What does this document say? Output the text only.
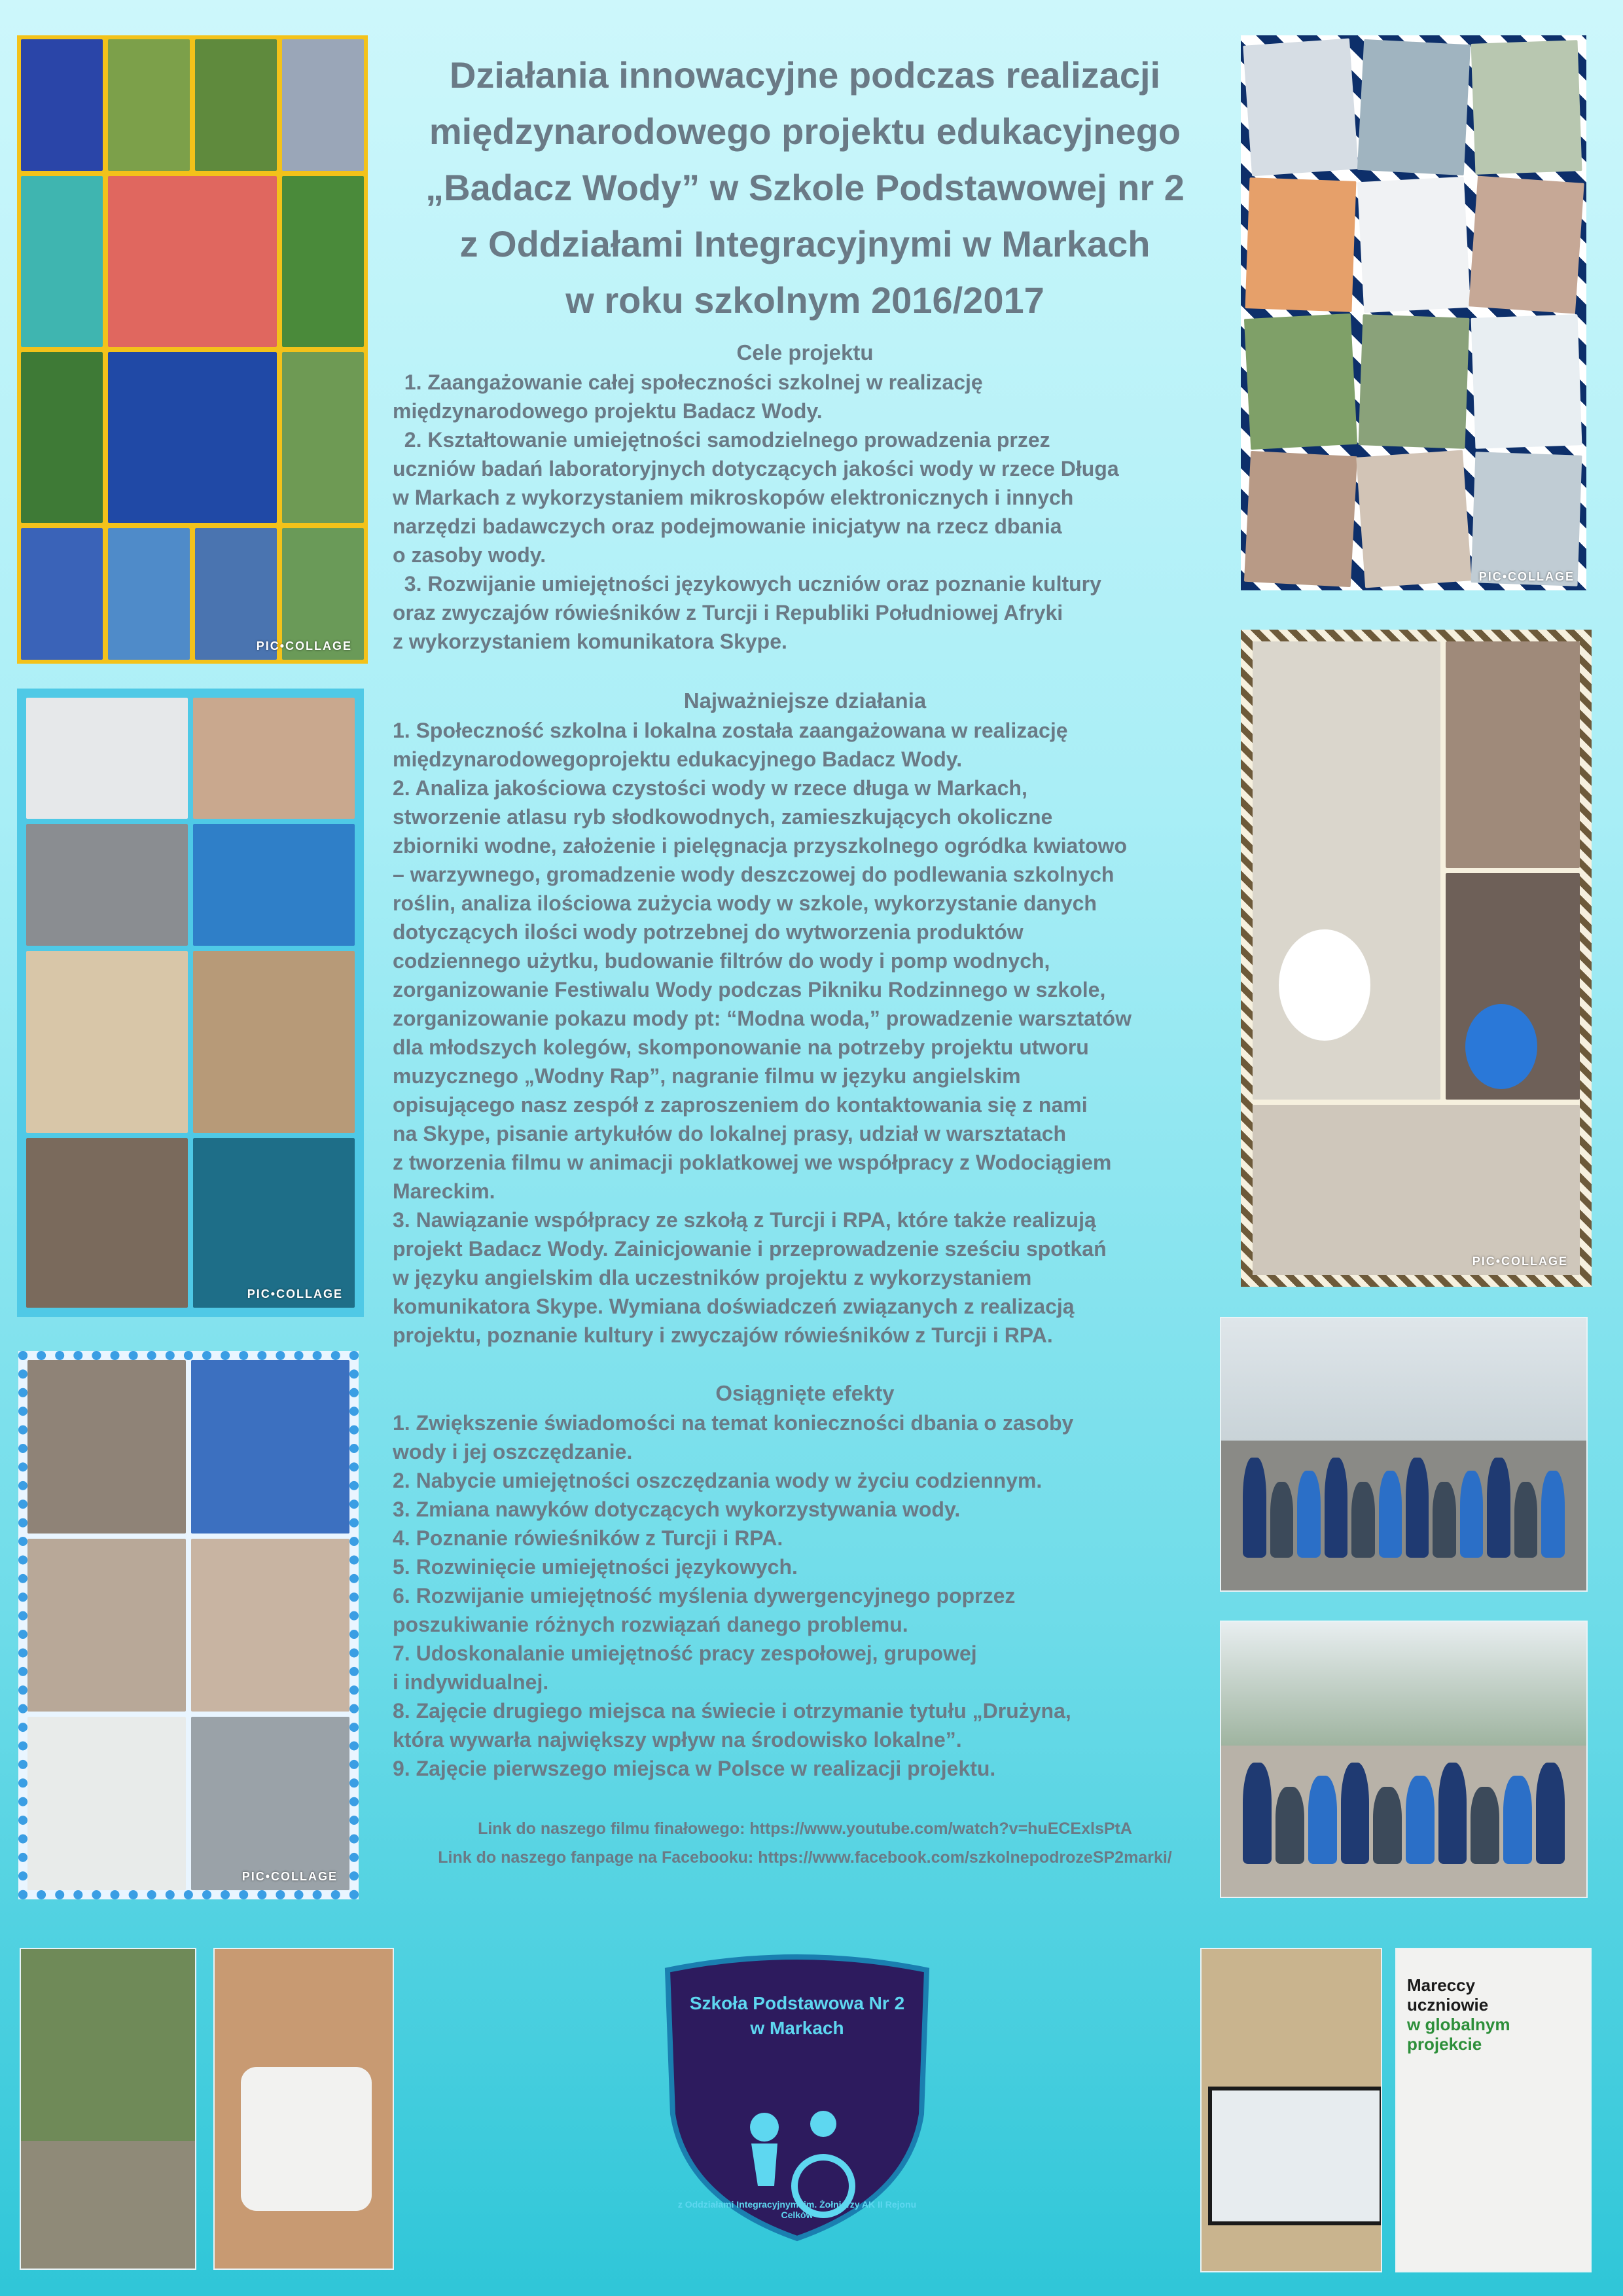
Działania innowacyjne podczas realizacji
międzynarodowego projektu edukacyjnego
„Badacz Wody” w Szkole Podstawowej nr 2
z Oddziałami Integracyjnymi w Markach
w roku szkolnym 2016/2017
Cele projektu

1. Zaangażowanie całej społeczności szkolnej w realizację

międzynarodowego projektu Badacz Wody.

2. Kształtowanie umiejętności samodzielnego prowadzenia przez

uczniów badań laboratoryjnych dotyczących jakości wody w rzece Długa

w Markach z wykorzystaniem mikroskopów elektronicznych i innych

narzędzi badawczych oraz podejmowanie inicjatyw na rzecz dbania

o zasoby wody.

3. Rozwijanie umiejętności językowych uczniów oraz poznanie kultury

oraz zwyczajów rówieśników z Turcji i Republiki Południowej Afryki

z wykorzystaniem komunikatora Skype.

Najważniejsze działania

1. Społeczność szkolna i lokalna została zaangażowana w realizację

międzynarodowegoprojektu edukacyjnego Badacz Wody.

2. Analiza jakościowa czystości wody w rzece długa w Markach,

stworzenie atlasu ryb słodkowodnych, zamieszkujących okoliczne

zbiorniki wodne, założenie i pielęgnacja przyszkolnego ogródka kwiatowo

– warzywnego, gromadzenie wody deszczowej do podlewania szkolnych

roślin, analiza ilościowa zużycia wody w szkole, wykorzystanie danych

dotyczących ilości wody potrzebnej do wytworzenia produktów

codziennego użytku, budowanie filtrów do wody i pomp wodnych,

zorganizowanie Festiwalu Wody podczas Pikniku Rodzinnego w szkole,

zorganizowanie pokazu mody pt: “Modna woda,” prowadzenie warsztatów

dla młodszych kolegów, skomponowanie na potrzeby projektu utworu

muzycznego „Wodny Rap”, nagranie filmu w języku angielskim

opisującego nasz zespół z zaproszeniem do kontaktowania się z nami

na Skype, pisanie artykułów do lokalnej prasy, udział w warsztatach

z tworzenia filmu w animacji poklatkowej we współpracy z Wodociągiem

Mareckim.

3. Nawiązanie współpracy ze szkołą z Turcji i RPA, które także realizują

projekt Badacz Wody. Zainicjowanie i przeprowadzenie sześciu spotkań

w języku angielskim dla uczestników projektu z wykorzystaniem

komunikatora Skype. Wymiana doświadczeń związanych z realizacją

projektu, poznanie kultury i zwyczajów rówieśników z Turcji i RPA.

Osiągnięte efekty

1. Zwiększenie świadomości na temat konieczności dbania o zasoby

wody i jej oszczędzanie.

2. Nabycie umiejętności oszczędzania wody w życiu codziennym.

3. Zmiana nawyków dotyczących wykorzystywania wody.

4. Poznanie rówieśników z Turcji i RPA.

5. Rozwinięcie umiejętności językowych.

6. Rozwijanie umiejętność myślenia dywergencyjnego poprzez

poszukiwanie różnych rozwiązań danego problemu.

7. Udoskonalanie umiejętność pracy zespołowej, grupowej

i indywidualnej.

8. Zajęcie drugiego miejsca na świecie i otrzymanie tytułu „Drużyna,

która wywarła największy wpływ na środowisko lokalne”.

9. Zajęcie pierwszego miejsca w Polsce w realizacji projektu.

Link do naszego filmu finałowego: https://www.youtube.com/watch?v=huECExlsPtA
Link do naszego fanpage na Facebooku: https://www.facebook.com/szkolnepodrozeSP2marki/
PIC•COLLAGE
PIC•COLLAGE
PIC•COLLAGE
PIC•COLLAGE
PIC•COLLAGE
Szkoła Podstawowa Nr 2
w Markach
z Oddziałami Integracyjnymi im. Żołnierzy AK II Rejonu Celków
Mareccy
uczniowie
w globalnym
projekcie
